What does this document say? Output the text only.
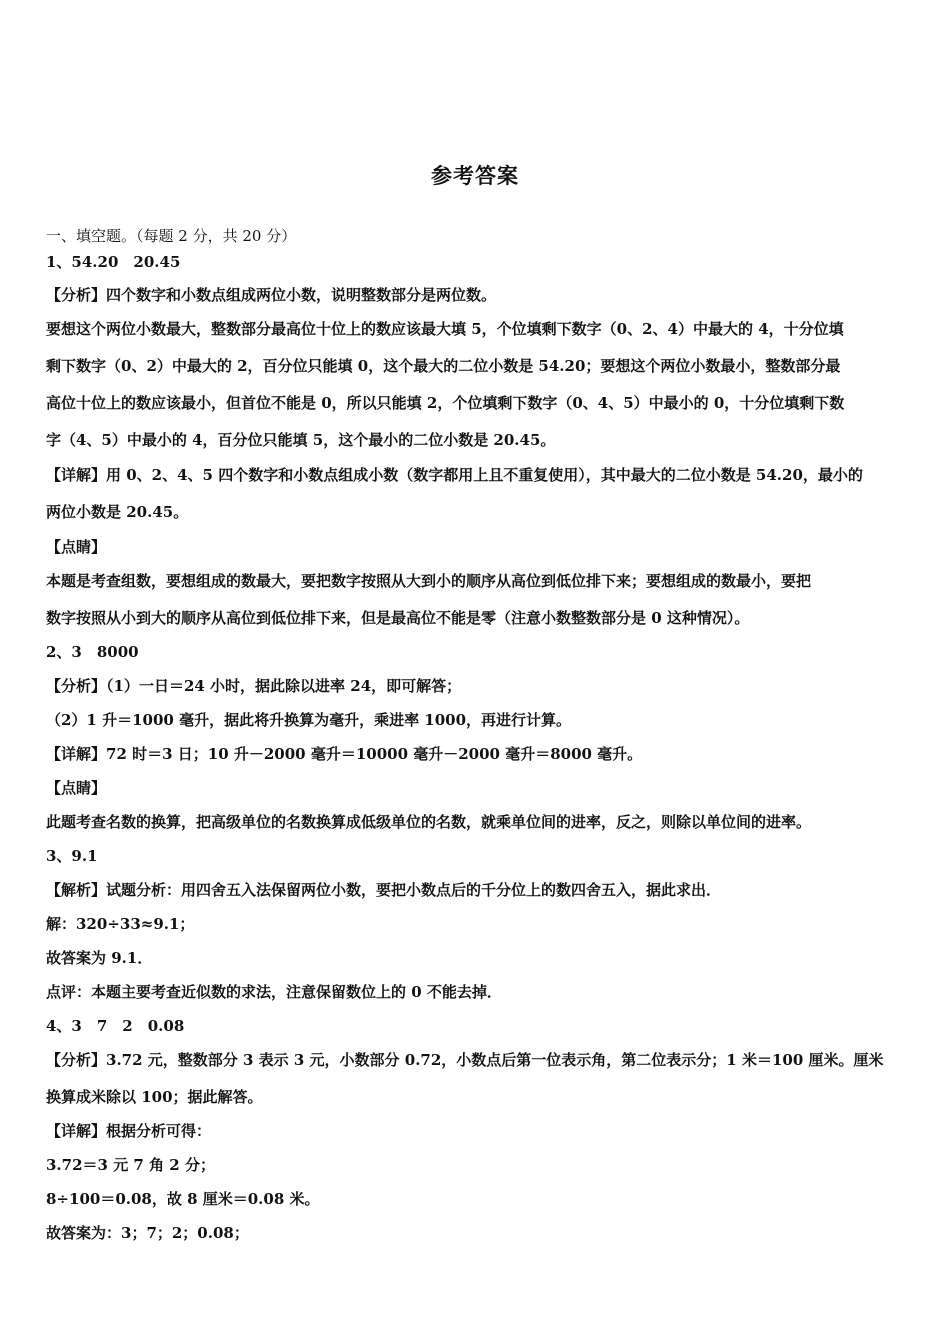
参考答案

一、填空题。（每题 2 分，共 20 分）

1、54.20　20.45

【分析】四个数字和小数点组成两位小数，说明整数部分是两位数。

要想这个两位小数最大，整数部分最高位十位上的数应该最大填 5，个位填剩下数字（0、2、4）中最大的 4，十分位填

剩下数字（0、2）中最大的 2，百分位只能填 0，这个最大的二位小数是 54.20；要想这个两位小数最小，整数部分最

高位十位上的数应该最小，但首位不能是 0，所以只能填 2，个位填剩下数字（0、4、5）中最小的 0，十分位填剩下数

字（4、5）中最小的 4，百分位只能填 5，这个最小的二位小数是 20.45。

【详解】用 0、2、4、5 四个数字和小数点组成小数（数字都用上且不重复使用），其中最大的二位小数是 54.20，最小的

两位小数是 20.45。

【点睛】

本题是考查组数，要想组成的数最大，要把数字按照从大到小的顺序从高位到低位排下来；要想组成的数最小，要把

数字按照从小到大的顺序从高位到低位排下来，但是最高位不能是零（注意小数整数部分是 0 这种情况）。

2、3　8000

【分析】（1）一日＝24 小时，据此除以进率 24，即可解答；

（2）1 升＝1000 毫升，据此将升换算为毫升，乘进率 1000，再进行计算。

【详解】72 时＝3 日；10 升－2000 毫升＝10000 毫升－2000 毫升＝8000 毫升。

【点睛】

此题考查名数的换算，把高级单位的名数换算成低级单位的名数，就乘单位间的进率，反之，则除以单位间的进率。

3、9.1

【解析】试题分析：用四舍五入法保留两位小数，要把小数点后的千分位上的数四舍五入，据此求出．

解：320÷33≈9.1；

故答案为 9.1．

点评：本题主要考查近似数的求法，注意保留数位上的 0 不能去掉．

4、3　7　2　0.08

【分析】3.72 元，整数部分 3 表示 3 元，小数部分 0.72，小数点后第一位表示角，第二位表示分；1 米＝100 厘米。厘米

换算成米除以 100；据此解答。

【详解】根据分析可得：

3.72＝3 元 7 角 2 分；

8÷100＝0.08，故 8 厘米＝0.08 米。

故答案为：3；7；2；0.08；
